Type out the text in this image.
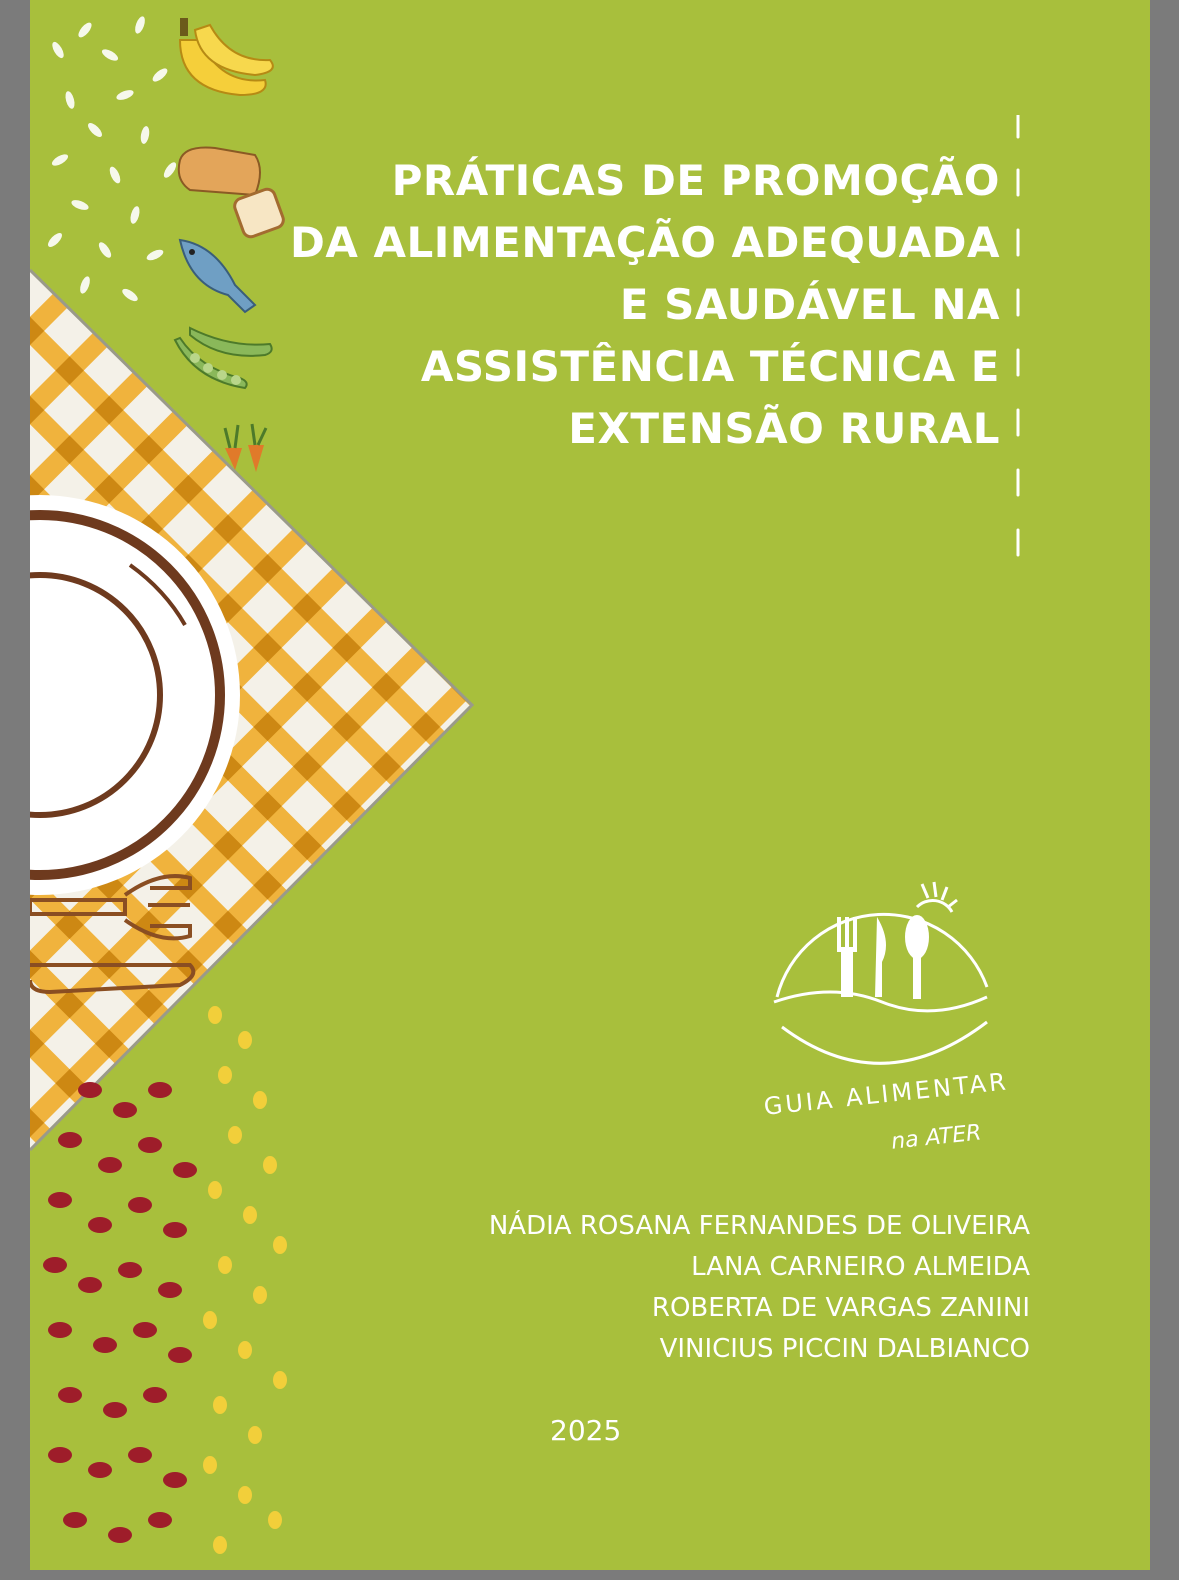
PRÁTICAS DE PROMOÇÃO
DA ALIMENTAÇÃO ADEQUADA
E SAUDÁVEL NA
ASSISTÊNCIA TÉCNICA E
EXTENSÃO RURAL
GUIA ALIMENTAR
na ATER
NÁDIA ROSANA FERNANDES DE OLIVEIRA
LANA CARNEIRO ALMEIDA
ROBERTA DE VARGAS ZANINI
VINICIUS PICCIN DALBIANCO
2025
